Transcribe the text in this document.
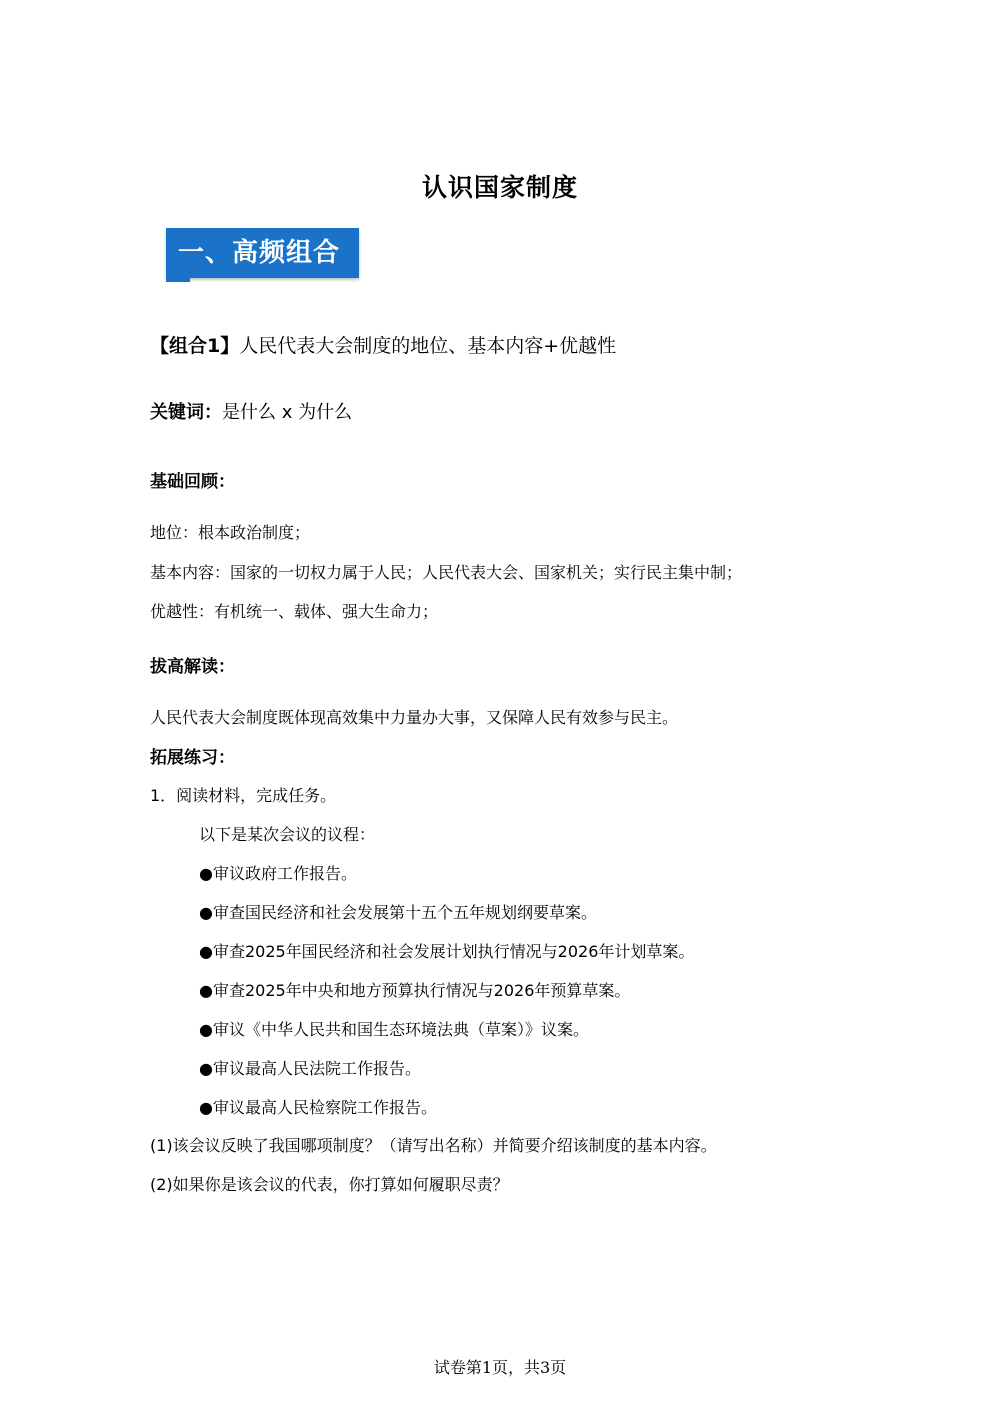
认识国家制度
一、高频组合
【组合1】人民代表大会制度的地位、基本内容+优越性
关键词：是什么 x 为什么
基础回顾：
地位：根本政治制度；
基本内容：国家的一切权力属于人民；人民代表大会、国家机关；实行民主集中制；
优越性：有机统一、载体、强大生命力；
拔高解读：
人民代表大会制度既体现高效集中力量办大事，又保障人民有效参与民主。
拓展练习：
1．阅读材料，完成任务。
以下是某次会议的议程：
●审议政府工作报告。
●审查国民经济和社会发展第十五个五年规划纲要草案。
●审查2025年国民经济和社会发展计划执行情况与2026年计划草案。
●审查2025年中央和地方预算执行情况与2026年预算草案。
●审议《中华人民共和国生态环境法典（草案）》议案。
●审议最高人民法院工作报告。
●审议最高人民检察院工作报告。
(1)该会议反映了我国哪项制度？（请写出名称）并简要介绍该制度的基本内容。
(2)如果你是该会议的代表，你打算如何履职尽责？
试卷第1页，共3页
